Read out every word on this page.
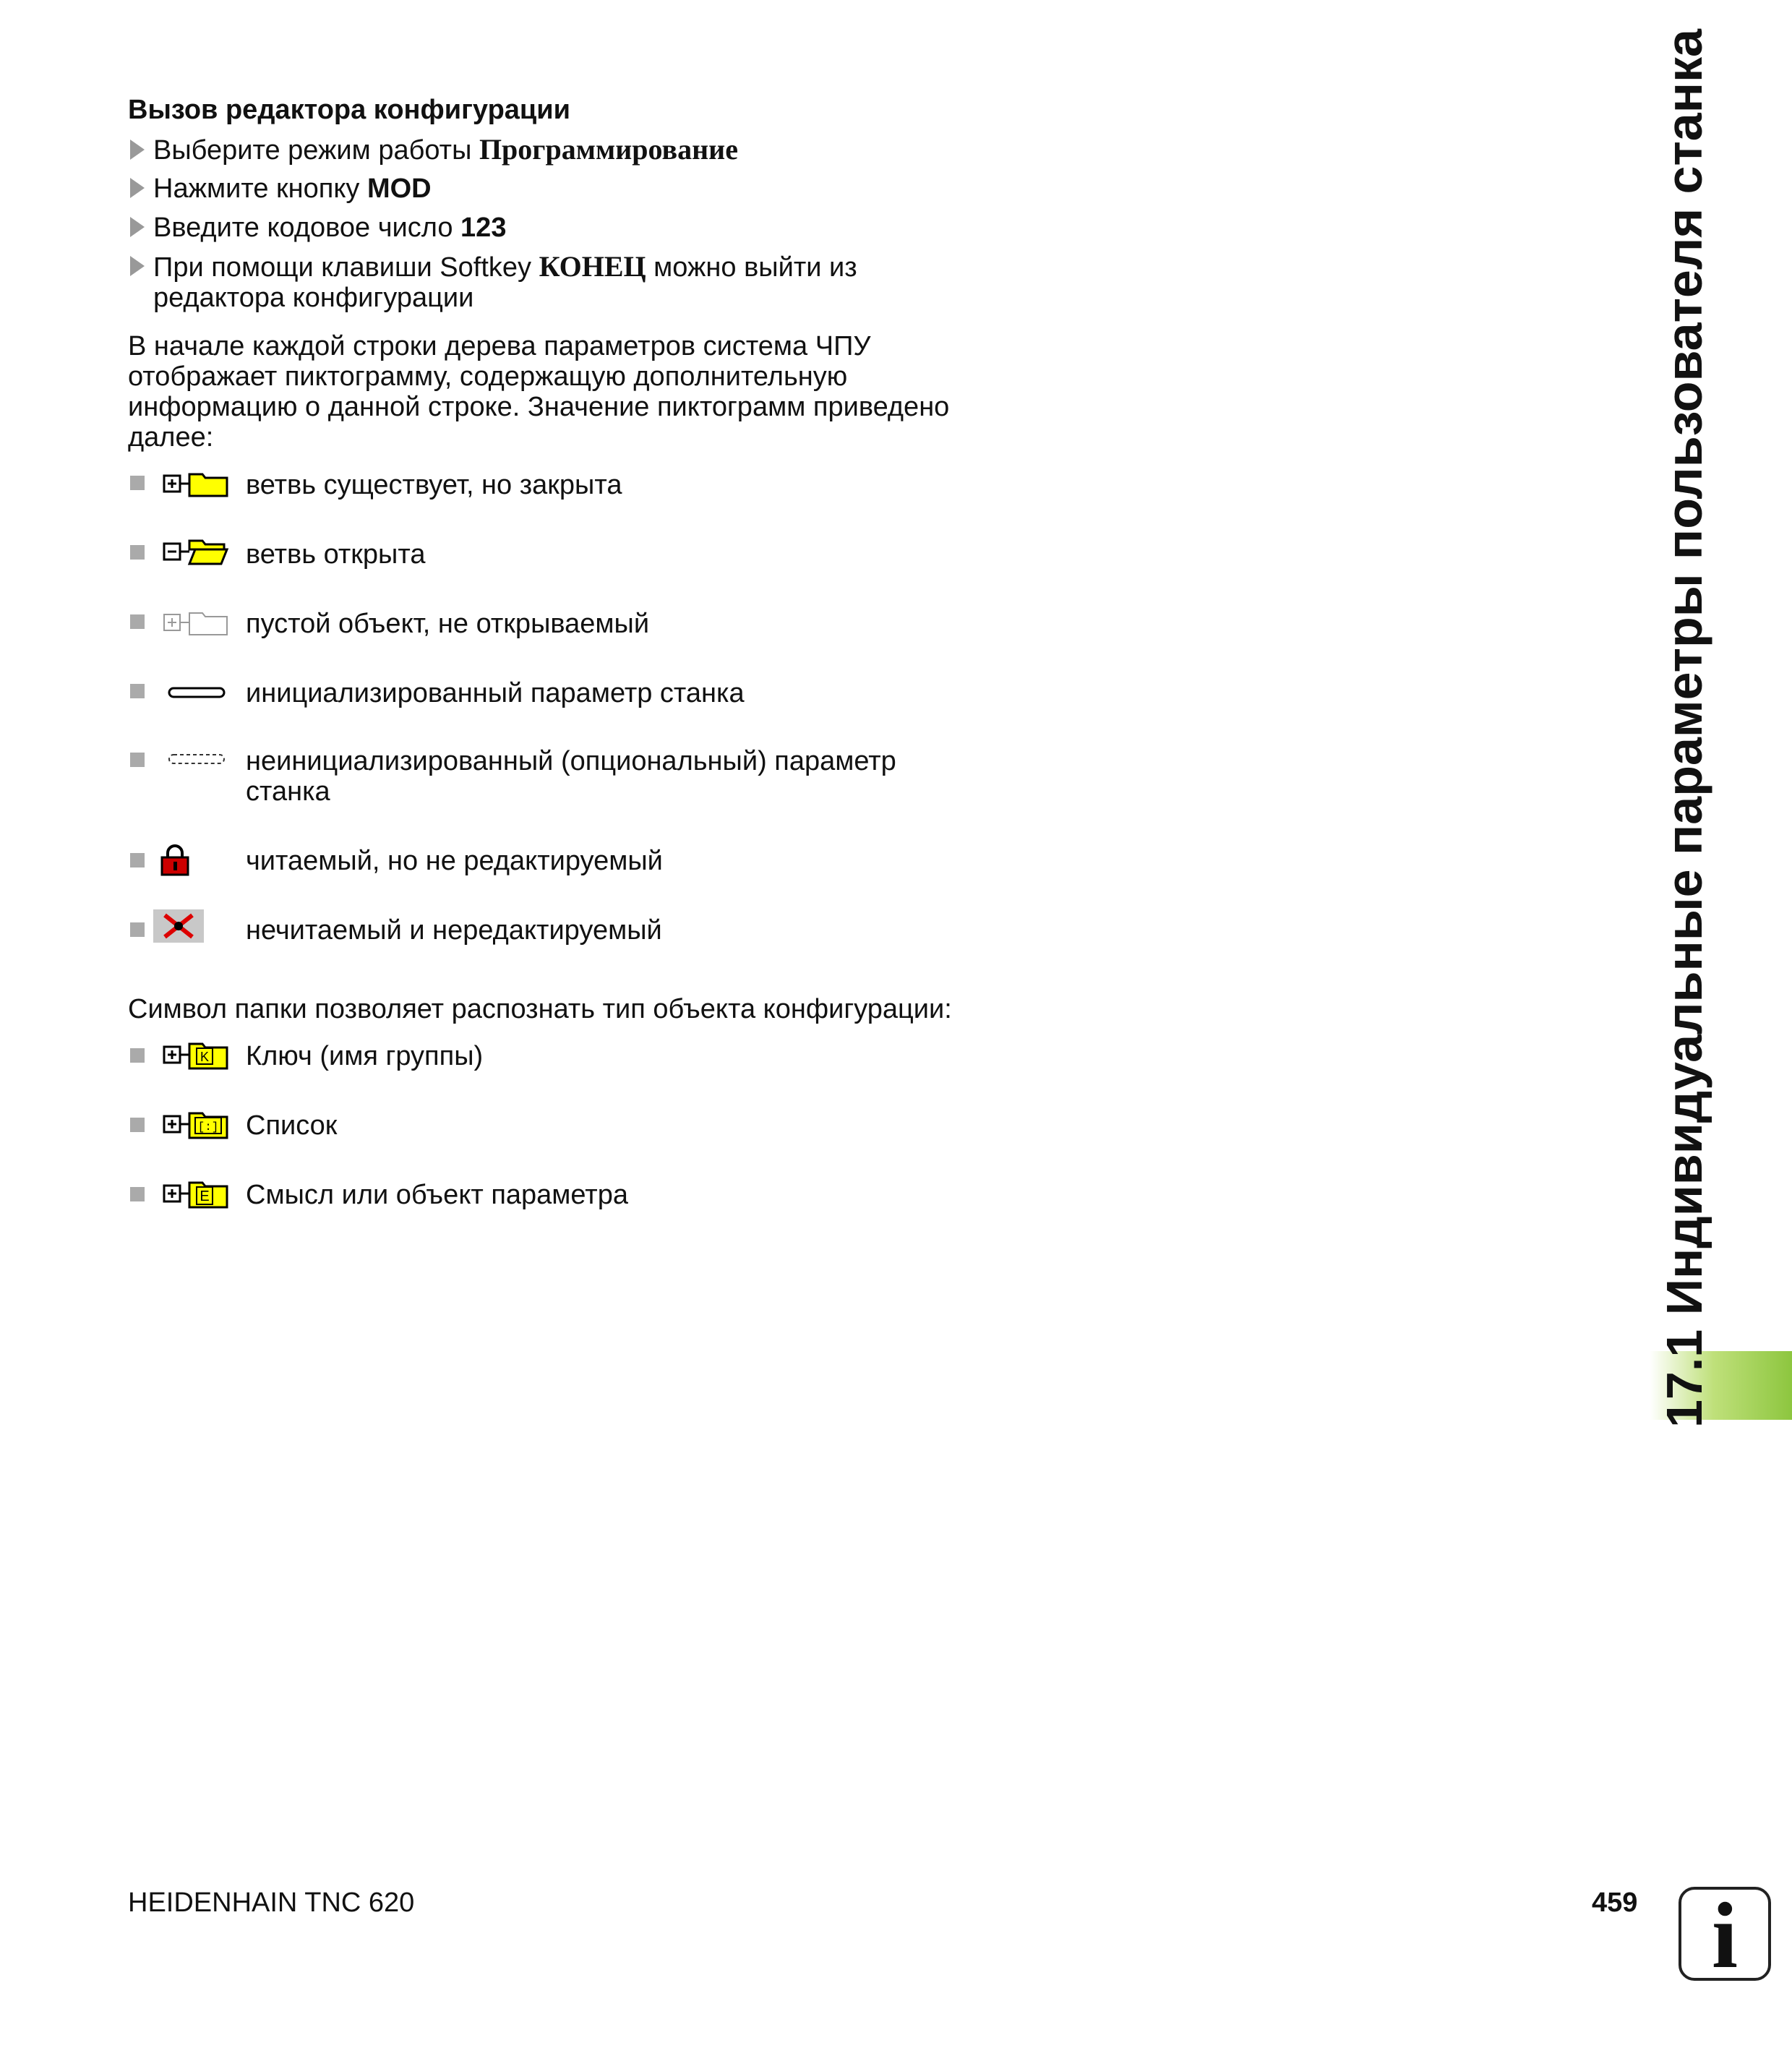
Вызов редактора конфигурации
Выберите режим работы Программирование
Нажмите кнопку MOD
Введите кодовое число 123
При помощи клавиши Softkey КОНЕЦ можно выйти из
редактора конфигурации
В начале каждой строки дерева параметров система ЧПУ
отображает пиктограмму, содержащую дополнительную
информацию о данной строке. Значение пиктограмм приведено
далее:
ветвь существует, но закрыта
ветвь открыта
пустой объект, не открываемый
инициализированный параметр станка
неинициализированный (опциональный) параметр
станка
читаемый, но не редактируемый
нечитаемый и нередактируемый
Символ папки позволяет распознать тип объекта конфигурации:
K Ключ (имя группы)
[:] Список
E Смысл или объект параметра	17.1 Индивидуальные параметры пользователя станка
HEIDENHAIN TNC 620	459 i
